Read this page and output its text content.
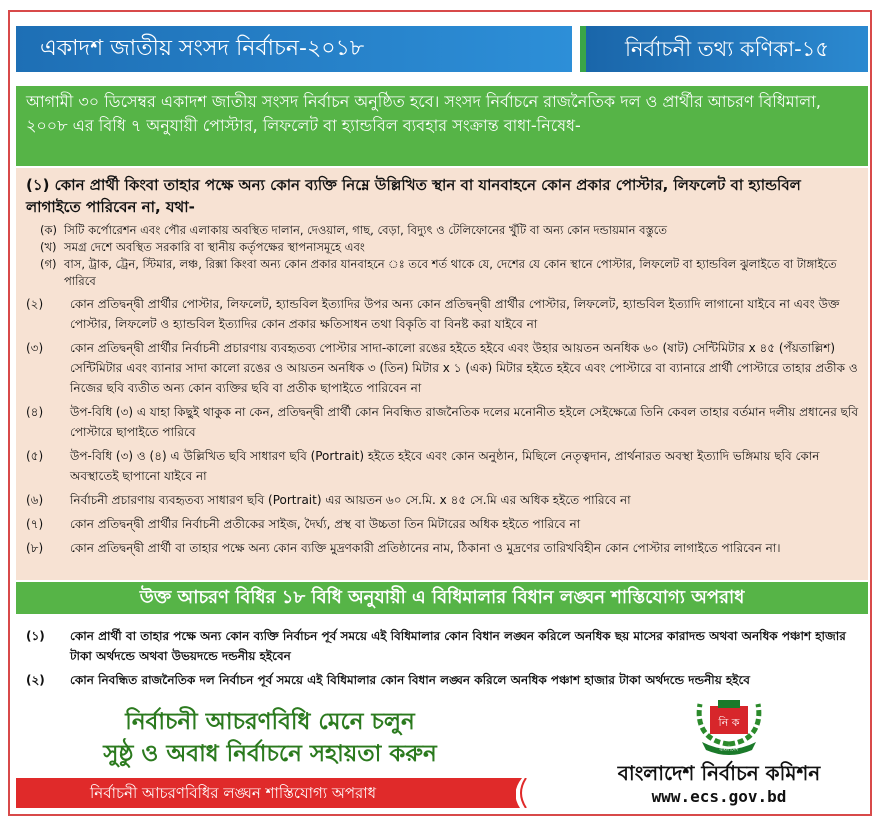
একাদশ জাতীয় সংসদ নির্বাচন-২০১৮	নির্বাচনী তথ্য কণিকা-১৫
আগামী ৩০ ডিসেম্বর একাদশ জাতীয় সংসদ নির্বাচন অনুষ্ঠিত হবে। সংসদ নির্বাচনে রাজনৈতিক দল ও প্রার্থীর আচরণ বিধিমালা, ২০০৮ এর বিধি ৭ অনুযায়ী পোস্টার, লিফলেট বা হ্যান্ডবিল ব্যবহার সংক্রান্ত বাধা-নিষেধ-
(১) কোন প্রার্থী কিংবা তাহার পক্ষে অন্য কোন ব্যক্তি নিম্নে উল্লিখিত স্থান বা যানবাহনে কোন প্রকার পোস্টার, লিফলেট বা হ্যান্ডবিল লাগাইতে পারিবেন না, যথা-
(ক) সিটি কর্পোরেশন এবং পৌর এলাকায় অবস্থিত দালান, দেওয়াল, গাছ, বেড়া, বিদ্যুৎ ও টেলিফোনের খুঁটি বা অন্য কোন দন্ডায়মান বস্তুতে
(খ) সমগ্র দেশে অবস্থিত সরকারি বা স্থানীয় কর্তৃপক্ষের স্থাপনাসমূহে এবং
(গ) বাস, ট্রাক, ট্রেন, স্টিমার, লঞ্চ, রিক্সা কিংবা অন্য কোন প্রকার যানবাহনে ঃ তবে শর্ত থাকে যে, দেশের যে কোন স্থানে পোস্টার, লিফলেট বা হ্যান্ডবিল ঝুলাইতে বা টাঙ্গাইতে পারিবে
(২) কোন প্রতিদ্বন্দ্বী প্রার্থীর পোস্টার, লিফলেট, হ্যান্ডবিল ইত্যাদির উপর অন্য কোন প্রতিদ্বন্দ্বী প্রার্থীর পোস্টার, লিফলেট, হ্যান্ডবিল ইত্যাদি লাগানো যাইবে না এবং উক্ত পোস্টার, লিফলেট ও হ্যান্ডবিল ইত্যাদির কোন প্রকার ক্ষতিসাধন তথা বিকৃতি বা বিনষ্ট করা যাইবে না
(৩) কোন প্রতিদ্বন্দ্বী প্রার্থীর নির্বাচনী প্রচারণায় ব্যবহৃতব্য পোস্টার সাদা-কালো রঙের হইতে হইবে এবং উহার আয়তন অনধিক ৬০ (ষাট) সেন্টিমিটার x ৪৫ (পঁয়তাল্লিশ) সেন্টিমিটার এবং ব্যানার সাদা কালো রঙের ও আয়তন অনধিক ৩ (তিন) মিটার x ১ (এক) মিটার হইতে হইবে এবং পোস্টারে বা ব্যানারে প্রার্থী পোস্টারে তাহার প্রতীক ও নিজের ছবি ব্যতীত অন্য কোন ব্যক্তির ছবি বা প্রতীক ছাপাইতে পারিবেন না
(৪) উপ-বিধি (৩) এ যাহা কিছুই থাকুক না কেন, প্রতিদ্বন্দ্বী প্রার্থী কোন নিবন্ধিত রাজনৈতিক দলের মনোনীত হইলে সেইক্ষেত্রে তিনি কেবল তাহার বর্তমান দলীয় প্রধানের ছবি পোস্টারে ছাপাইতে পারিবে
(৫) উপ-বিধি (৩) ও (৪) এ উল্লিখিত ছবি সাধারণ ছবি (Portrait) হইতে হইবে এবং কোন অনুষ্ঠান, মিছিলে নেতৃত্বদান, প্রার্থনারত অবস্থা ইত্যাদি ভঙ্গিমায় ছবি কোন অবস্থাতেই ছাপানো যাইবে না
(৬) নির্বাচনী প্রচারণায় ব্যবহৃতব্য সাধারণ ছবি (Portrait) এর আয়তন ৬০ সে.মি. x ৪৫ সে.মি এর অধিক হইতে পারিবে না
(৭) কোন প্রতিদ্বন্দ্বী প্রার্থীর নির্বাচনী প্রতীকের সাইজ, দৈর্ঘ্য, প্রস্থ বা উচ্চতা তিন মিটারের অধিক হইতে পারিবে না
(৮) কোন প্রতিদ্বন্দ্বী প্রার্থী বা তাহার পক্ষে অন্য কোন ব্যক্তি মুদ্রণকারী প্রতিষ্ঠানের নাম, ঠিকানা ও মুদ্রণের তারিখবিহীন কোন পোস্টার লাগাইতে পারিবেন না।
উক্ত আচরণ বিধির ১৮ বিধি অনুযায়ী এ বিধিমালার বিধান লঙ্ঘন শাস্তিযোগ্য অপরাধ
(১) কোন প্রার্থী বা তাহার পক্ষে অন্য কোন ব্যক্তি নির্বাচন পূর্ব সময়ে এই বিধিমালার কোন বিধান লঙ্ঘন করিলে অনধিক ছয় মাসের কারাদন্ড অথবা অনধিক পঞ্চাশ হাজার টাকা অর্থদন্ডে অথবা উভয়দন্ডে দন্ডনীয় হইবেন
(২) কোন নিবন্ধিত রাজনৈতিক দল নির্বাচন পূর্ব সময়ে এই বিধিমালার কোন বিধান লঙ্ঘন করিলে অনধিক পঞ্চাশ হাজার টাকা অর্থদন্ডে দন্ডনীয় হইবে
নির্বাচনী আচরণবিধি মেনে চলুন
সুষ্ঠু ও অবাধ নির্বাচনে সহায়তা করুন
নির্বাচনী আচরণবিধির লঙ্ঘন শাস্তিযোগ্য অপরাধ
নি ক
বাংলাদেশ
বাংলাদেশ নির্বাচন কমিশন
www.ecs.gov.bd
